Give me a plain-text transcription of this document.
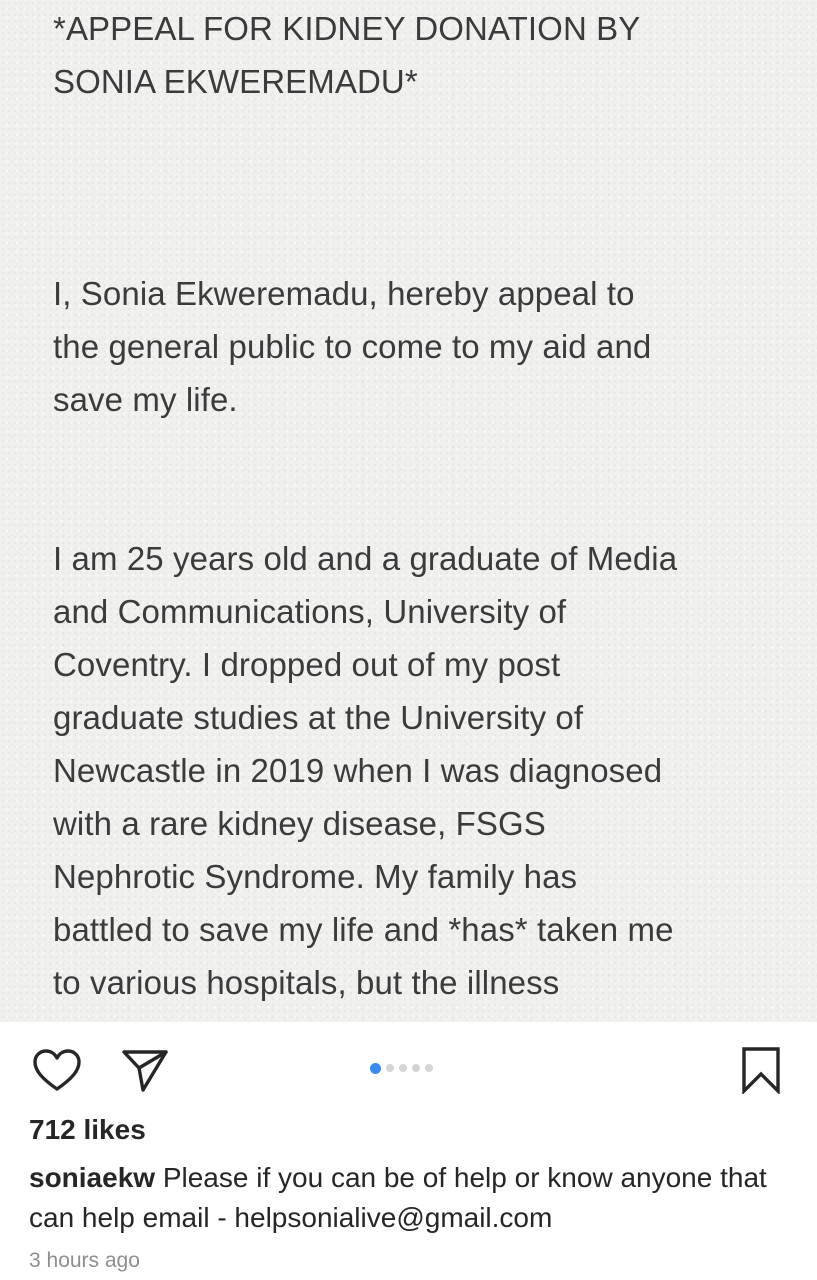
*APPEAL FOR KIDNEY DONATION BY
SONIA EKWEREMADU*
I, Sonia Ekweremadu, hereby appeal to
the general public to come to my aid and
save my life.
I am 25 years old and a graduate of Media
and Communications, University of
Coventry. I dropped out of my post
graduate studies at the University of
Newcastle in 2019 when I was diagnosed
with a rare kidney disease, FSGS
Nephrotic Syndrome. My family has
battled to save my life and *has* taken me
to various hospitals, but the illness
712 likes
soniaekw Please if you can be of help or know anyone that can help email - helpsonialive@gmail.com
3 hours ago
